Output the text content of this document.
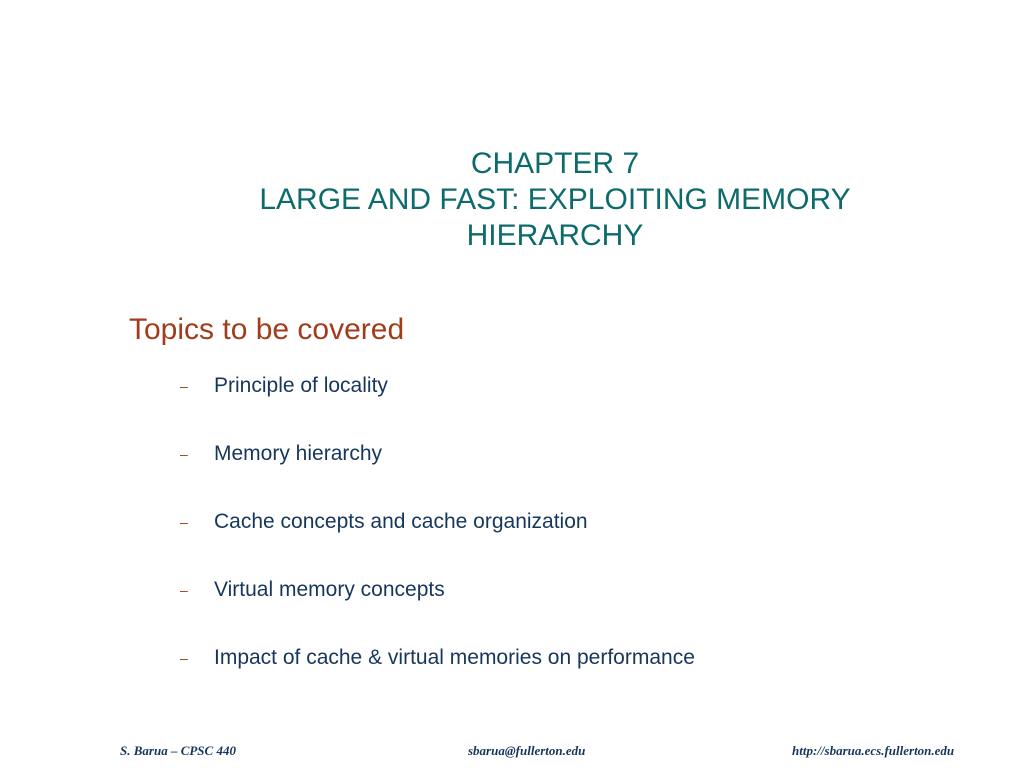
CHAPTER 7
LARGE AND FAST: EXPLOITING MEMORY
HIERARCHY
Topics to be covered
–	Principle of locality
–	Memory hierarchy
–	Cache concepts and cache organization
–	Virtual memory concepts
–	Impact of cache & virtual memories on performance
S. Barua – CPSC 440	sbarua@fullerton.edu	http://sbarua.ecs.fullerton.edu
